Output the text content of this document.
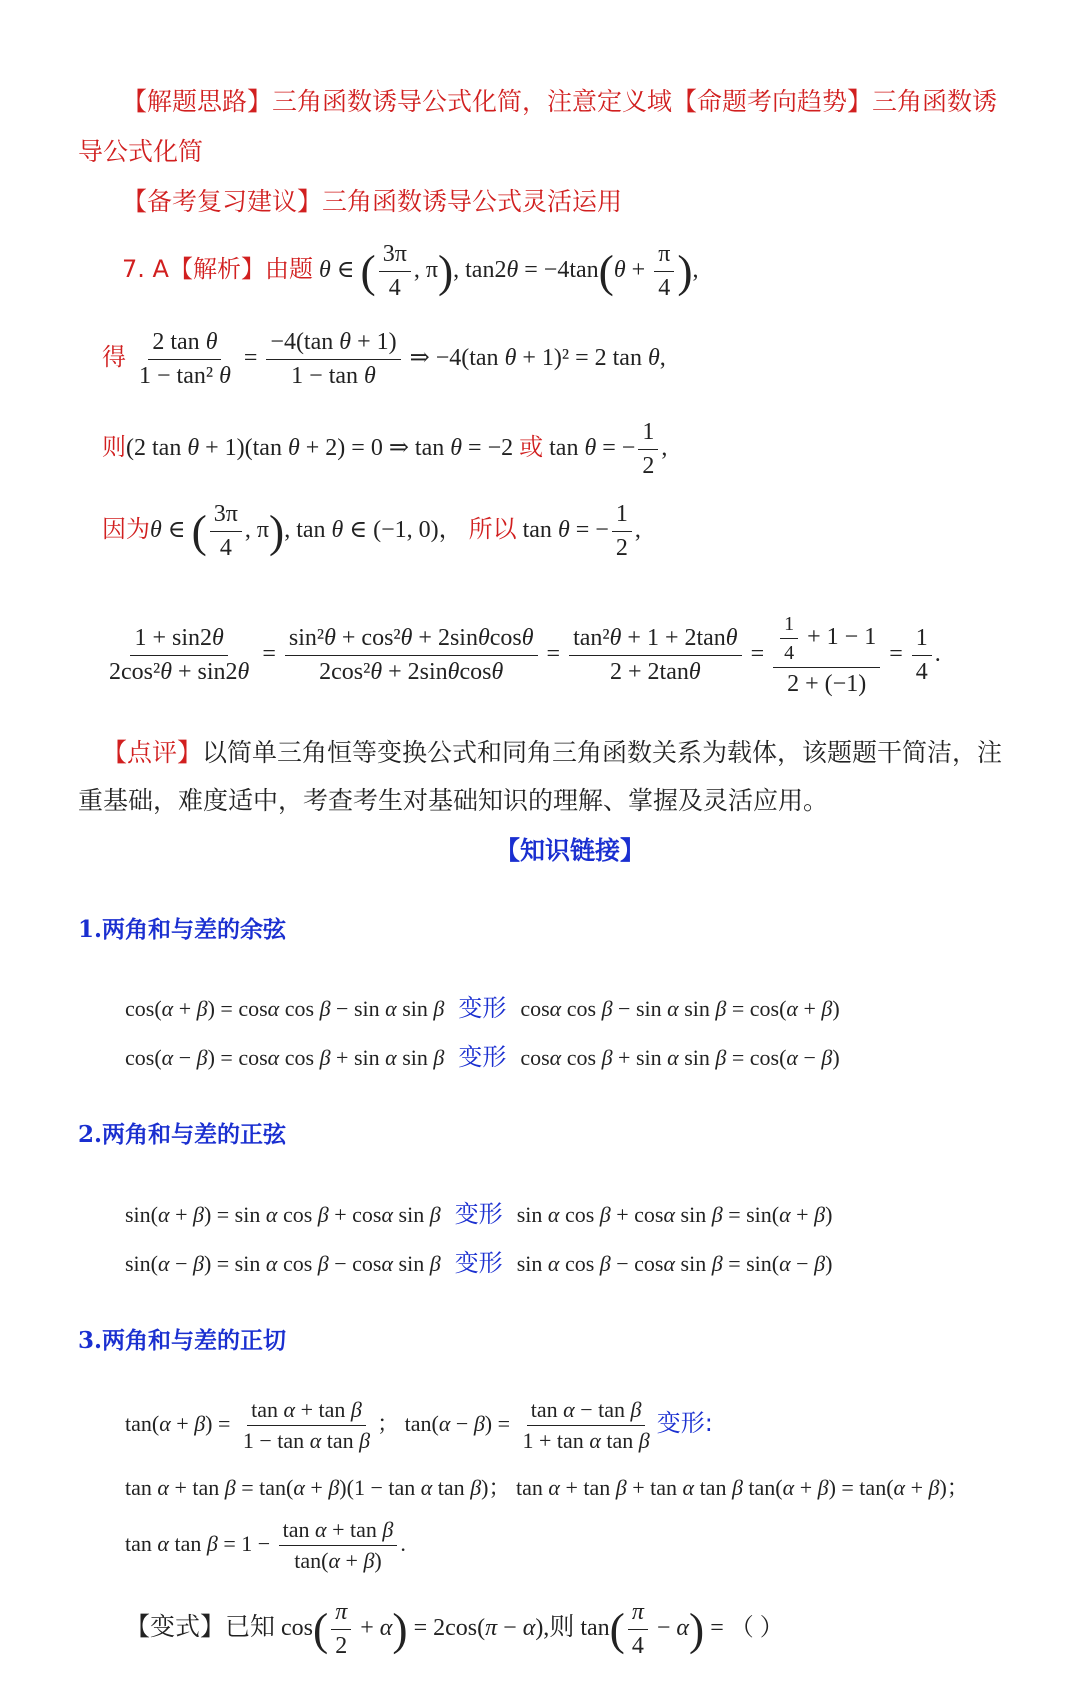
【解题思路】三角函数诱导公式化简，注意定义域【命题考向趋势】三角函数诱
导公式化简
【备考复习建议】三角函数诱导公式灵活运用
7. A【解析】由题 θ ∈ ( $\frac{3\pi}{4}$ , π), $\tan 2\theta = -4\tan(\theta + \frac{\pi}{4}$ ),
得 $\frac{\text{2 tan θ}}{\text{1 − tan² θ}} = \frac{\text{−4(tan θ + 1)}}{\text{1 − tan θ}}$ ⇒ −4(tan θ + 1)² = 2 tan θ,
则(2 tan θ + 1)(tan θ + 2) = 0 ⇒ tan θ = −2 或 tan θ = − $\frac{1}{2}$ ,
因为θ ∈ ( $\frac{3\pi}{4}$ , π), tan θ ∈ (−1, 0)， 所以 tan θ = − $\frac{1}{2}$ ,
$\frac{1 + \sin 2\theta}{\text{2cos²θ + sin2θ}} = \frac{\text{sin²θ + cos²θ + 2sinθcosθ}}{\text{2cos²θ + 2sinθcosθ}} = \frac{\text{tan²θ + 1 + 2tanθ}}{2 + 2\tan\theta} = \frac{\frac{1}{4} + 1 - 1}{2 + (-1)} = \frac{1}{4}$ .
【点评】以简单三角恒等变换公式和同角三角函数关系为载体，该题题干简洁，注
重基础，难度适中，考查考生对基础知识的理解、掌握及灵活应用。
【知识链接】
1.两角和与差的余弦
cos(α + β) = cosα cos β − sin α sin β 变形 cosα cos β − sin α sin β = cos(α + β)
cos(α − β) = cosα cos β + sin α sin β 变形 cosα cos β + sin α sin β = cos(α − β)
2.两角和与差的正弦
sin(α + β) = sin α cos β + cosα sin β 变形 sin α cos β + cosα sin β = sin(α + β)
sin(α − β) = sin α cos β − cosα sin β 变形 sin α cos β − cosα sin β = sin(α − β)
3.两角和与差的正切
$\tan(\alpha + \beta) = \frac{\text{tan α + tan β}}{\text{1 − tan α tan β}}$ ； $\tan(\alpha - \beta) = \frac{\text{tan α − tan β}}{\text{1 + tan α tan β}}$ 变形:
tan α + tan β = tan(α + β)(1 − tan α tan β)； tan α + tan β + tan α tan β tan(α + β) = tan(α + β)；
tan α $\tan \beta = 1 - \frac{\text{tan α + tan β}}{\tan(\alpha + \beta)}$ .
【变式】已知 $\cos( \frac{\pi}{2} + \alpha) = 2\cos(\pi - \alpha)$,则 $\tan( \frac{\pi}{4} - \alpha)$ = （ ）
